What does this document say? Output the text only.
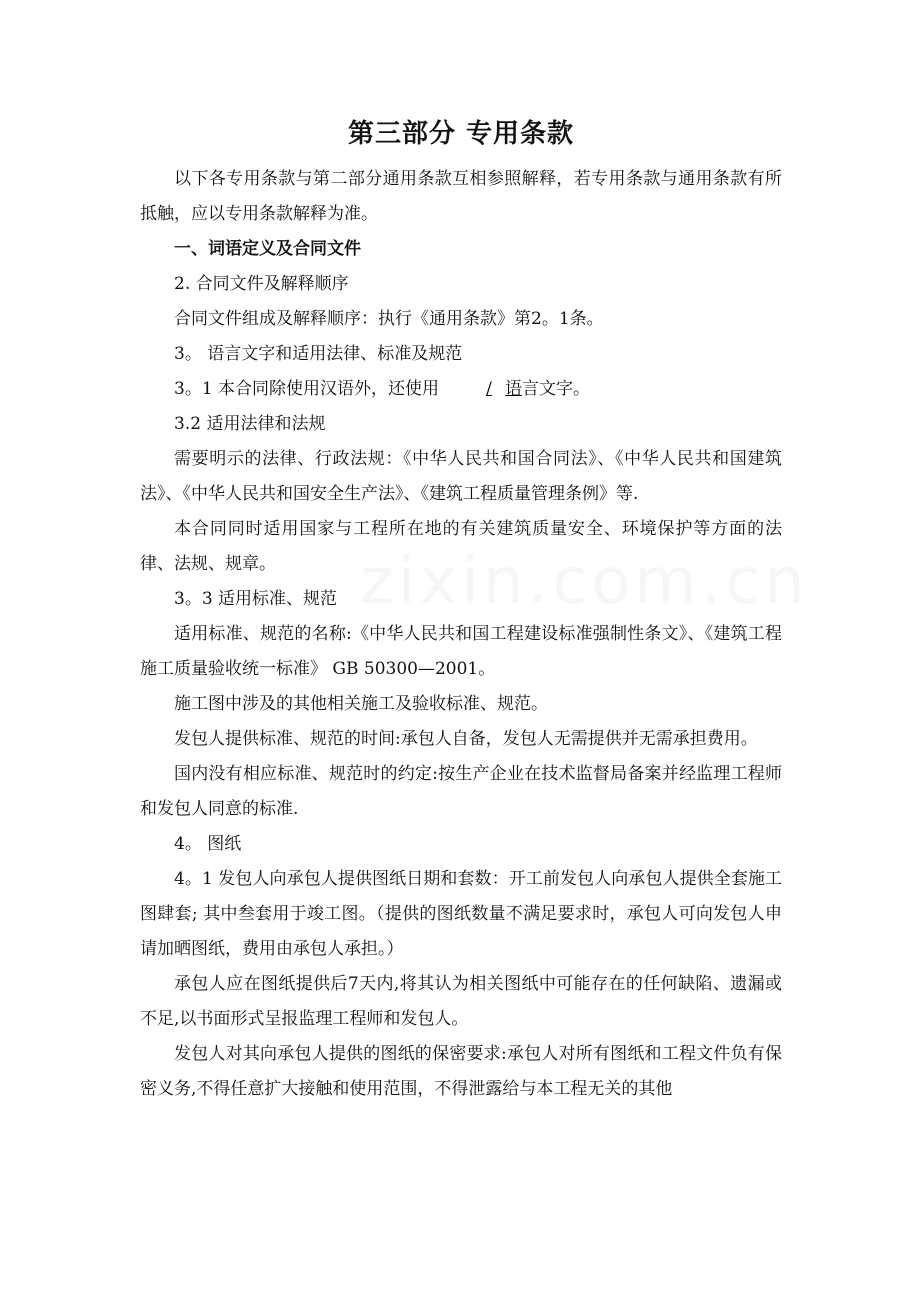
zixin.com.cn
第三部分 专用条款

以下各专用条款与第二部分通用条款互相参照解释，若专用条款与通用条款有所抵触，应以专用条款解释为准。

一、词语定义及合同文件

2. 合同文件及解释顺序

合同文件组成及解释顺序：执行《通用条款》第2。1条。

3。 语言文字和适用法律、标准及规范

3。1 本合同除使用汉语外，还使用	/ 语言文字。

3.2 适用法律和法规

需要明示的法律、行政法规：《中华人民共和国合同法》、《中华人民共和国建筑法》、《中华人民共和国安全生产法》、《建筑工程质量管理条例》等.

本合同同时适用国家与工程所在地的有关建筑质量安全、环境保护等方面的法律、法规、规章。

3。3 适用标准、规范

适用标准、规范的名称:《中华人民共和国工程建设标准强制性条文》、《建筑工程施工质量验收统一标准》 GB 50300—2001。

施工图中涉及的其他相关施工及验收标准、规范。

发包人提供标准、规范的时间:承包人自备，发包人无需提供并无需承担费用。

国内没有相应标准、规范时的约定:按生产企业在技术监督局备案并经监理工程师和发包人同意的标准.

4。 图纸

4。1 发包人向承包人提供图纸日期和套数：开工前发包人向承包人提供全套施工图肆套; 其中叁套用于竣工图。（提供的图纸数量不满足要求时，承包人可向发包人申请加晒图纸，费用由承包人承担。）

承包人应在图纸提供后7天内,将其认为相关图纸中可能存在的任何缺陷、遗漏或不足,以书面形式呈报监理工程师和发包人。

发包人对其向承包人提供的图纸的保密要求:承包人对所有图纸和工程文件负有保密义务,不得任意扩大接触和使用范围，不得泄露给与本工程无关的其他
